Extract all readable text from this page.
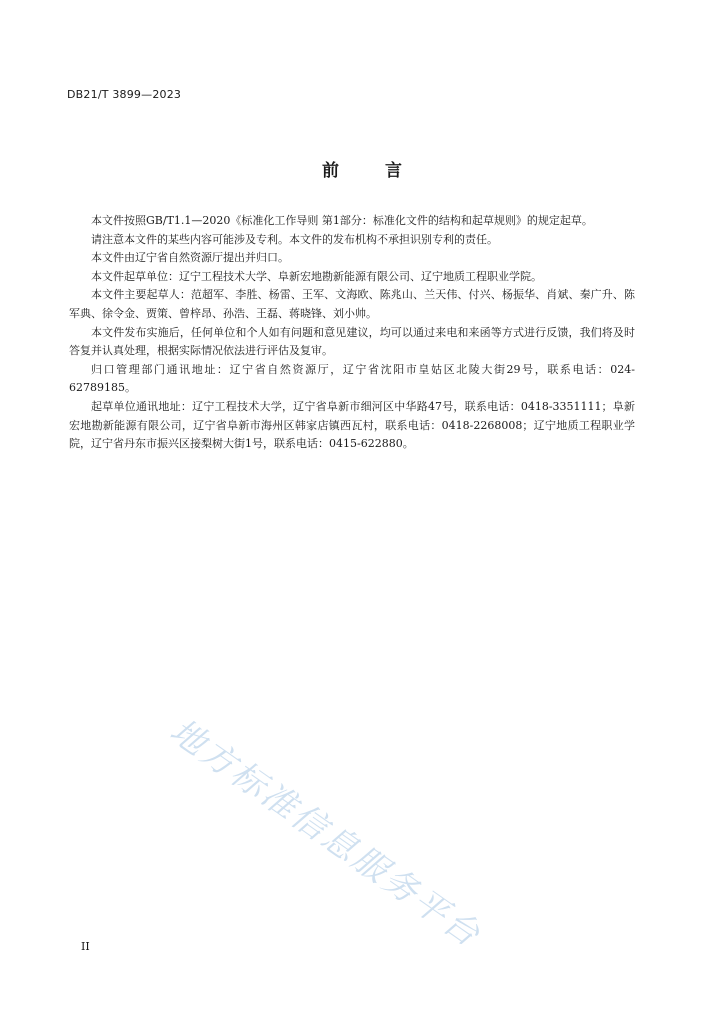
DB21/T 3899—2023
前	言

本文件按照GB/T1.1—2020《标准化工作导则 第1部分：标准化文件的结构和起草规则》的规定起草。

请注意本文件的某些内容可能涉及专利。本文件的发布机构不承担识别专利的责任。

本文件由辽宁省自然资源厅提出并归口。

本文件起草单位：辽宁工程技术大学、阜新宏地勘新能源有限公司、辽宁地质工程职业学院。

本文件主要起草人：范超军、李胜、杨雷、王军、文海欧、陈兆山、兰天伟、付兴、杨振华、肖斌、秦广升、陈军典、徐令金、贾策、曾梓昂、孙浩、王磊、蒋晓锋、刘小帅。

本文件发布实施后，任何单位和个人如有问题和意见建议，均可以通过来电和来函等方式进行反馈，我们将及时答复并认真处理，根据实际情况依法进行评估及复审。

归口管理部门通讯地址：辽宁省自然资源厅，辽宁省沈阳市皇姑区北陵大街29号，联系电话：024-62789185。

起草单位通讯地址：辽宁工程技术大学，辽宁省阜新市细河区中华路47号，联系电话：0418-3351111；阜新宏地勘新能源有限公司，辽宁省阜新市海州区韩家店镇西瓦村，联系电话：0418-2268008；辽宁地质工程职业学院，辽宁省丹东市振兴区接梨树大街1号，联系电话：0415-622880。

地方标准信息服务平台
II
